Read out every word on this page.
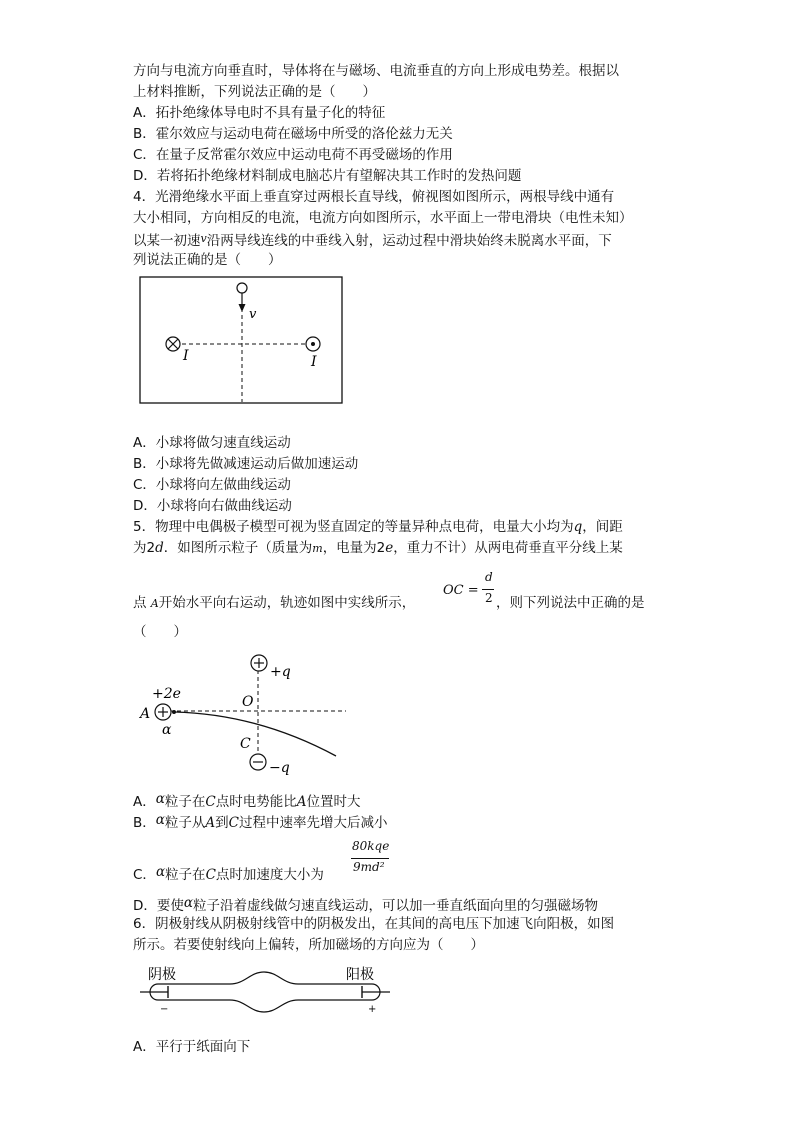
方向与电流方向垂直时，导体将在与磁场、电流垂直的方向上形成电势差。根据以
上材料推断，下列说法正确的是（　　）
A．拓扑绝缘体导电时不具有量子化的特征
B．霍尔效应与运动电荷在磁场中所受的洛伦兹力无关
C．在量子反常霍尔效应中运动电荷不再受磁场的作用
D．若将拓扑绝缘材料制成电脑芯片有望解决其工作时的发热问题
4．光滑绝缘水平面上垂直穿过两根长直导线，俯视图如图所示，两根导线中通有
大小相同，方向相反的电流，电流方向如图所示，水平面上一带电滑块（电性未知）
以某一初速$^v$沿两导线连线的中垂线入射，运动过程中滑块始终未脱离水平面，下
列说法正确的是（　　）
v
I	I
A．小球将做匀速直线运动
B．小球将先做减速运动后做加速运动
C．小球将向左做曲线运动
D．小球将向右做曲线运动
5．物理中电偶极子模型可视为竖直固定的等量异种点电荷，电量大小均为q，间距
为2d．如图所示粒子（质量为m，电量为2e，重力不计）从两电荷垂直平分线上某
点 A开始水平向右运动，轨迹如图中实线所示，
OC =
d
2 ，则下列说法中正确的是
（　　）
+q
+2e	O
A
α
C
−q
A．α粒子在C点时电势能比A位置时大
B．α粒子从A到C过程中速率先增大后减小
C．α粒子在C点时加速度大小为
80kqe
9md²
D．要使α粒子沿着虚线做匀速直线运动，可以加一垂直纸面向里的匀强磁场物
6．阴极射线从阴极射线管中的阴极发出，在其间的高电压下加速飞向阳极，如图
所示。若要使射线向上偏转，所加磁场的方向应为（　　）
阴极	阳极
−	+
A．平行于纸面向下
